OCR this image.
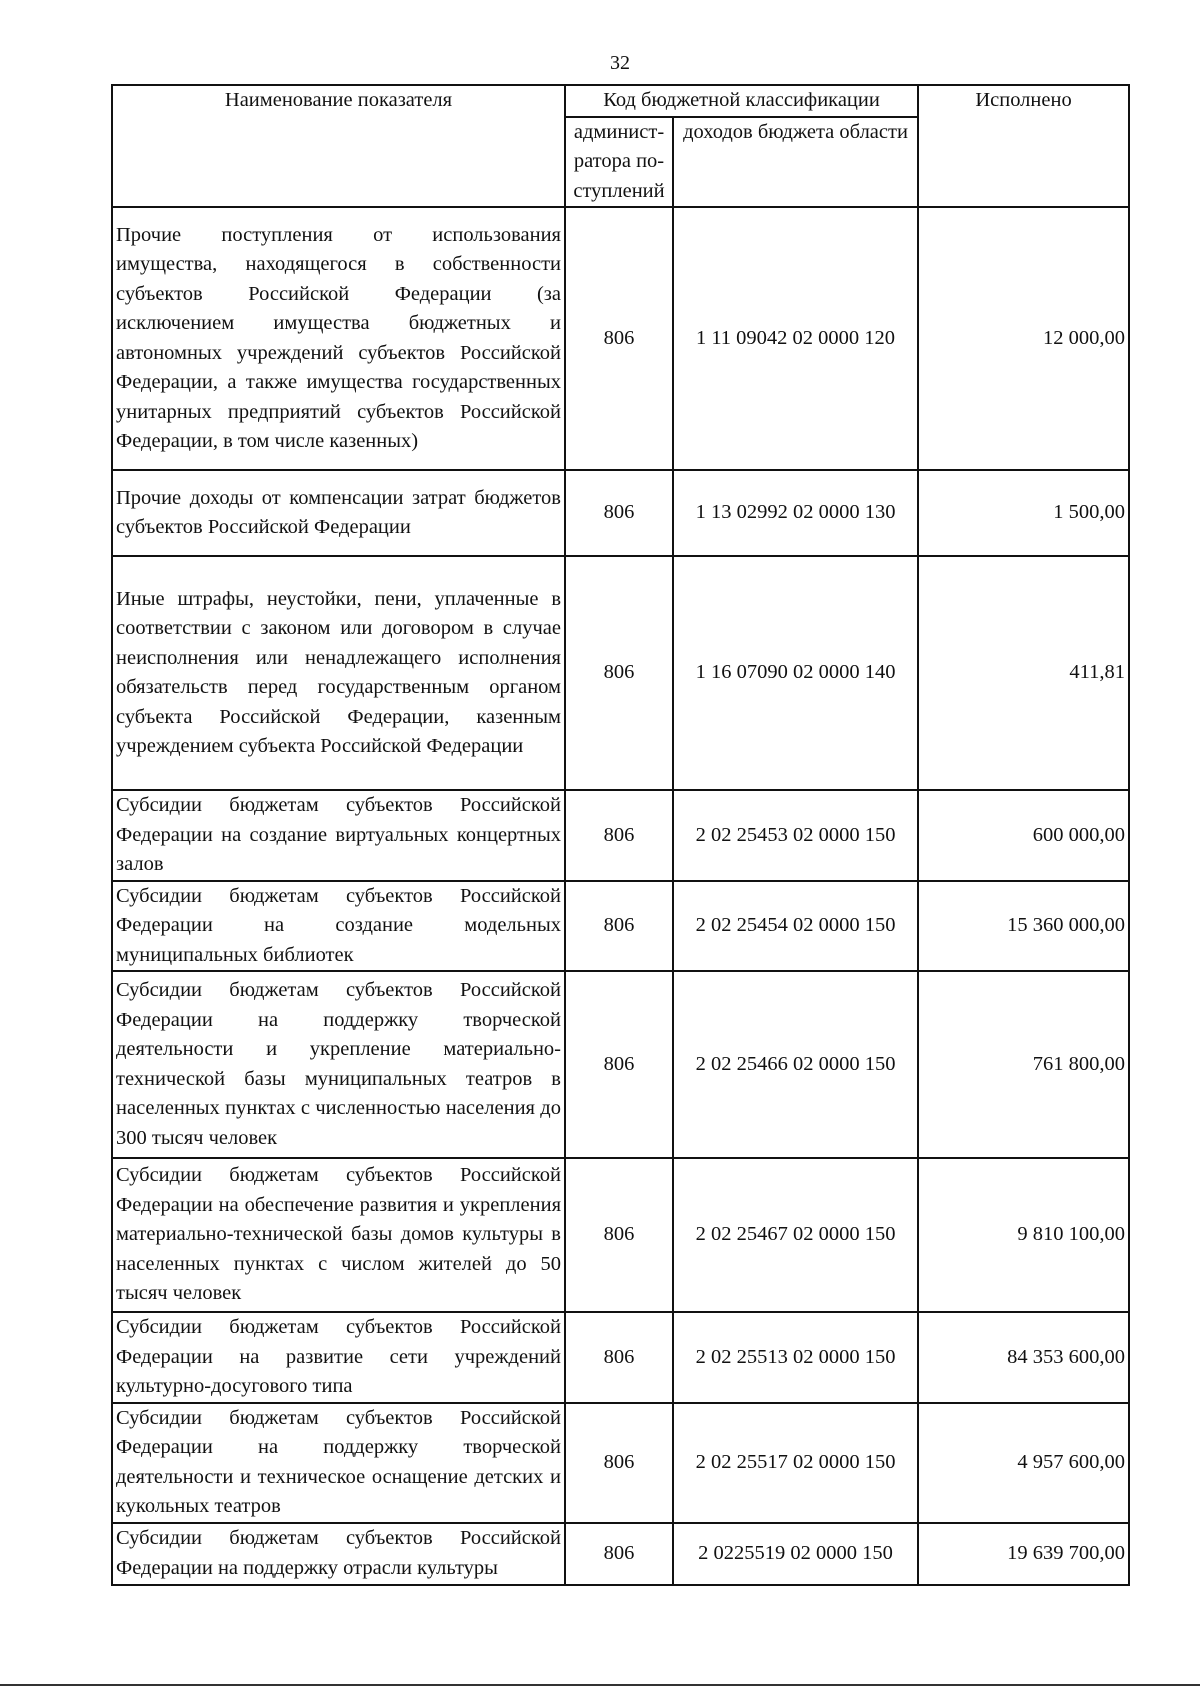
32
Наименование показателя	Код бюджетной классификации		Исполнено
	админист-ратора по-ступлений	доходов бюджета области	
Прочие поступления от использования имущества, находящегося в собственности субъектов Российской Федерации (за исключением имущества бюджетных и автономных учреждений субъектов Российской Федерации, а также имущества государственных унитарных предприятий субъектов Российской Федерации, в том числе казенных)	806	1 11 09042 02 0000 120	12 000,00
Прочие доходы от компенсации затрат бюджетов субъектов Российской Федерации	806	1 13 02992 02 0000 130	1 500,00
Иные штрафы, неустойки, пени, уплаченные в соответствии с законом или договором в случае неисполнения или ненадлежащего исполнения обязательств перед государственным органом субъекта Российской Федерации, казенным учреждением субъекта Российской Федерации	806	1 16 07090 02 0000 140	411,81
Субсидии бюджетам субъектов Российской Федерации на создание виртуальных концертных залов	806	2 02 25453 02 0000 150	600 000,00
Субсидии бюджетам субъектов Российской Федерации на создание модельных муниципальных библиотек	806	2 02 25454 02 0000 150	15 360 000,00
Субсидии бюджетам субъектов Российской Федерации на поддержку творческой деятельности и укрепление материально-технической базы муниципальных театров в населенных пунктах с численностью населения до 300 тысяч человек	806	2 02 25466 02 0000 150	761 800,00
Субсидии бюджетам субъектов Российской Федерации на обеспечение развития и укрепления материально-технической базы домов культуры в населенных пунктах с числом жителей до 50 тысяч человек	806	2 02 25467 02 0000 150	9 810 100,00
Субсидии бюджетам субъектов Российской Федерации на развитие сети учреждений культурно-досугового типа	806	2 02 25513 02 0000 150	84 353 600,00
Субсидии бюджетам субъектов Российской Федерации на поддержку творческой деятельности и техническое оснащение детских и кукольных театров	806	2 02 25517 02 0000 150	4 957 600,00
Субсидии бюджетам субъектов Российской Федерации на поддержку отрасли культуры	806	2 0225519 02 0000 150	19 639 700,00
